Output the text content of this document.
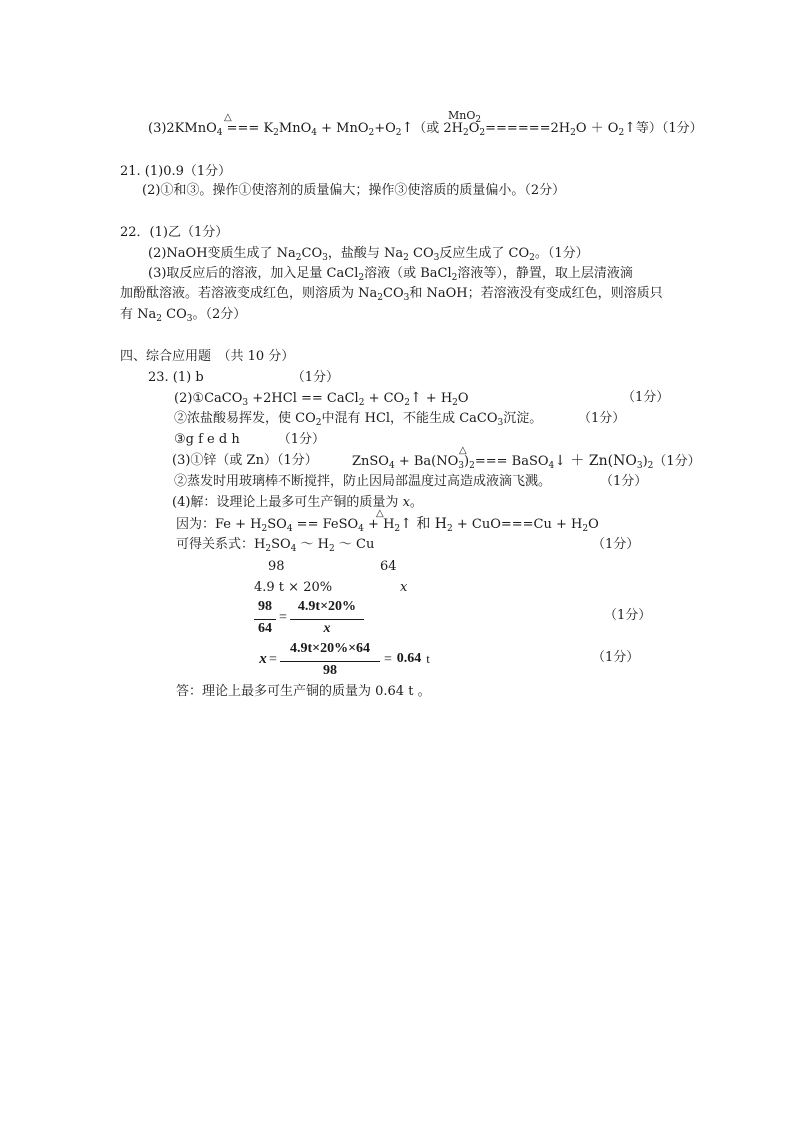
△	MnO$_2$
(3)2KMnO$_4$ === $K_2MnO_4$ + $MnO_2+O_2↑$（或 $2H_2O_2======2H_2O$ ＋ $O_2↑$等）（1分）
21. (1)0.9（1分）
(2)①和③。操作①使溶剂的质量偏大；操作③使溶质的质量偏小。（2分）
22．(1)乙（1分）
(2)NaOH变质生成了 $Na_2CO_3$，盐酸与 $Na_2$ $CO_3$反应生成了 $CO_2$。（1分）
(3)取反应后的溶液，加入足量 CaCl$_2$溶液（或 BaCl$_2$溶液等），静置，取上层清液滴
加酚酞溶液。若溶液变成红色，则溶质为 $Na_2CO_3$和 NaOH；若溶液没有变成红色，则溶质只
有 $Na_2$ $CO_3$。（2分）
四、综合应用题　（共 10 分）
23. (1) b	（1分）
(2)①CaCO$_3$ +2HCl == CaCl$_2$ + $CO_2↑ + H_2O$	（1分）
②浓盐酸易挥发，使 $CO_2$中混有 HCl，不能生成 CaCO$_3$沉淀。	（1分）
③g f e d h	（1分）
△
(3)①锌（或 Zn）（1分）	ZnSO$_4$ + $Ba(NO_3)_2===$ BaSO$_4$↓ ＋ $Zn(NO_3)_2(1$分）
②蒸发时用玻璃棒不断搅拌，防止因局部温度过高造成液滴飞溅。	（1分）
(4)解：设理论上最多可生产铜的质量为 x。
△
因为：$Fe + H_2SO_4$ == FeSO$_4$ + $H_2↑$ 和 $H_2 + CuO===Cu + H_2O$
可得关系式：$H_2SO_4$ ～ $H_2$ ～ Cu	（1分）
98	64
4.9 t × 20%	x
98
64
=
4.9t×20%
x
（1分）
x =
4.9t×20%×64
98
= 0.64 t	（1分）
答：理论上最多可生产铜的质量为 0.64 t 。
